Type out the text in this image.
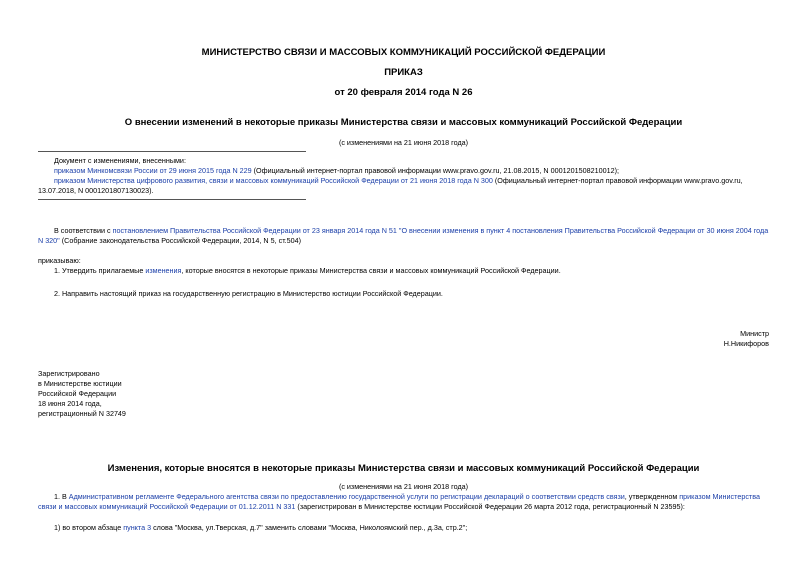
МИНИСТЕРСТВО СВЯЗИ И МАССОВЫХ КОММУНИКАЦИЙ РОССИЙСКОЙ ФЕДЕРАЦИИ
ПРИКАЗ
от 20 февраля 2014 года N 26
О внесении изменений в некоторые приказы Министерства связи и массовых коммуникаций Российской Федерации
(с изменениями на 21 июня 2018 года)
Документ с изменениями, внесенными:
приказом Минкомсвязи России от 29 июня 2015 года N 229 (Официальный интернет-портал правовой информации www.pravo.gov.ru, 21.08.2015, N 0001201508210012);
приказом Министерства цифрового развития, связи и массовых коммуникаций Российской Федерации от 21 июня 2018 года N 300 (Официальный интернет-портал правовой информации www.pravo.gov.ru, 13.07.2018, N 0001201807130023).
В соответствии с постановлением Правительства Российской Федерации от 23 января 2014 года N 51 "О внесении изменения в пункт 4 постановления Правительства Российской Федерации от 30 июня 2004 года N 320" (Собрание законодательства Российской Федерации, 2014, N 5, ст.504)
приказываю:
1. Утвердить прилагаемые изменения, которые вносятся в некоторые приказы Министерства связи и массовых коммуникаций Российской Федерации.
2. Направить настоящий приказ на государственную регистрацию в Министерство юстиции Российской Федерации.
Министр
Н.Никифоров
Зарегистрировано
в Министерстве юстиции
Российской Федерации
18 июня 2014 года,
регистрационный N 32749
Изменения, которые вносятся в некоторые приказы Министерства связи и массовых коммуникаций Российской Федерации
(с изменениями на 21 июня 2018 года)
1. В Административном регламенте Федерального агентства связи по предоставлению государственной услуги по регистрации деклараций о соответствии средств связи, утвержденном приказом Министерства связи и массовых коммуникаций Российской Федерации от 01.12.2011 N 331 (зарегистрирован в Министерстве юстиции Российской Федерации 26 марта 2012 года, регистрационный N 23595):
1) во втором абзаце пункта 3 слова "Москва, ул.Тверская, д.7" заменить словами "Москва, Николоямский пер., д.3а, стр.2";
